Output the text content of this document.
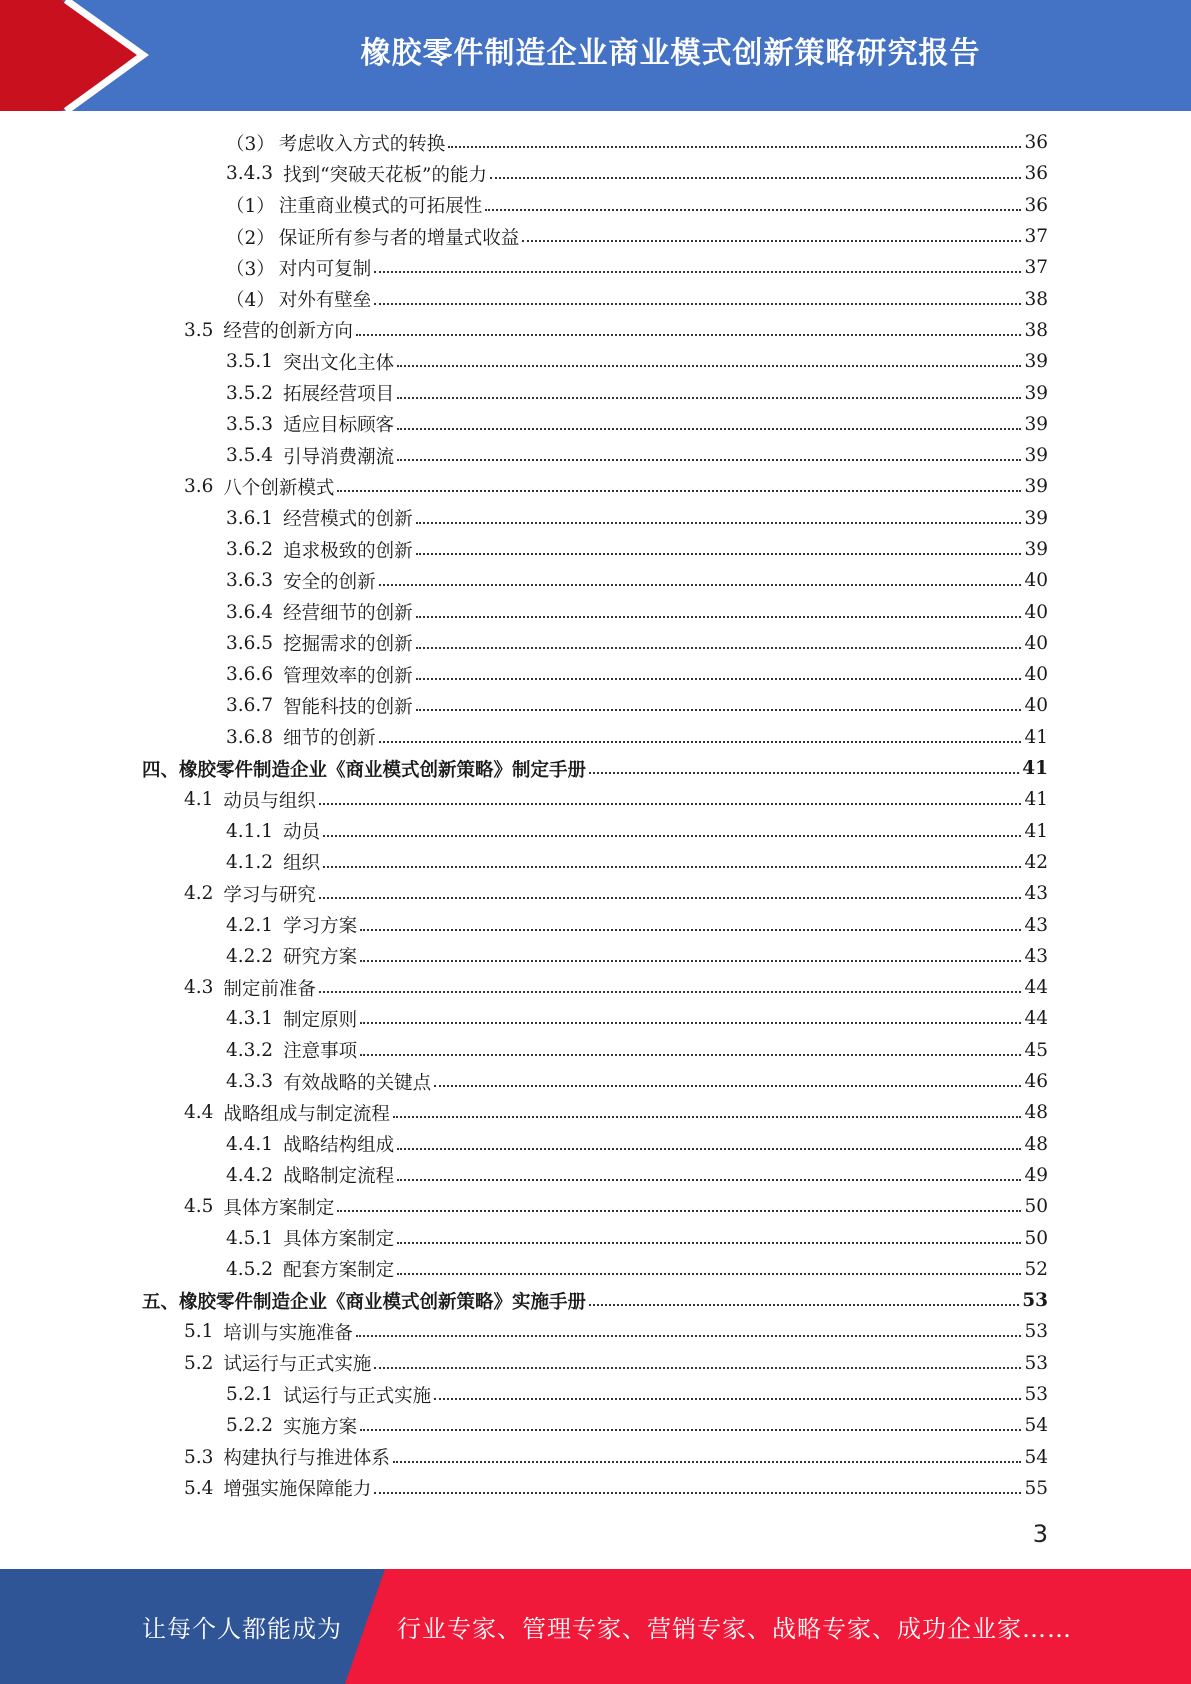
橡胶零件制造企业商业模式创新策略研究报告
（3） 考虑收入方式的转换	36
3.4.3 找到“突破天花板”的能力	36
（1） 注重商业模式的可拓展性	36
（2） 保证所有参与者的增量式收益	37
（3） 对内可复制	37
（4） 对外有壁垒	38
3.5 经营的创新方向	38
3.5.1 突出文化主体	39
3.5.2 拓展经营项目	39
3.5.3 适应目标顾客	39
3.5.4 引导消费潮流	39
3.6 八个创新模式	39
3.6.1 经营模式的创新	39
3.6.2 追求极致的创新	39
3.6.3 安全的创新	40
3.6.4 经营细节的创新	40
3.6.5 挖掘需求的创新	40
3.6.6 管理效率的创新	40
3.6.7 智能科技的创新	40
3.6.8 细节的创新	41
四、 橡胶零件制造企业《商业模式创新策略》制定手册	41
4.1 动员与组织	41
4.1.1 动员	41
4.1.2 组织	42
4.2 学习与研究	43
4.2.1 学习方案	43
4.2.2 研究方案	43
4.3 制定前准备	44
4.3.1 制定原则	44
4.3.2 注意事项	45
4.3.3 有效战略的关键点	46
4.4 战略组成与制定流程	48
4.4.1 战略结构组成	48
4.4.2 战略制定流程	49
4.5 具体方案制定	50
4.5.1 具体方案制定	50
4.5.2 配套方案制定	52
五、 橡胶零件制造企业《商业模式创新策略》实施手册	53
5.1 培训与实施准备	53
5.2 试运行与正式实施	53
5.2.1 试运行与正式实施	53
5.2.2 实施方案	54
5.3 构建执行与推进体系	54
5.4 增强实施保障能力	55
3
让每个人都能成为 行业专家、管理专家、营销专家、战略专家、成功企业家……
